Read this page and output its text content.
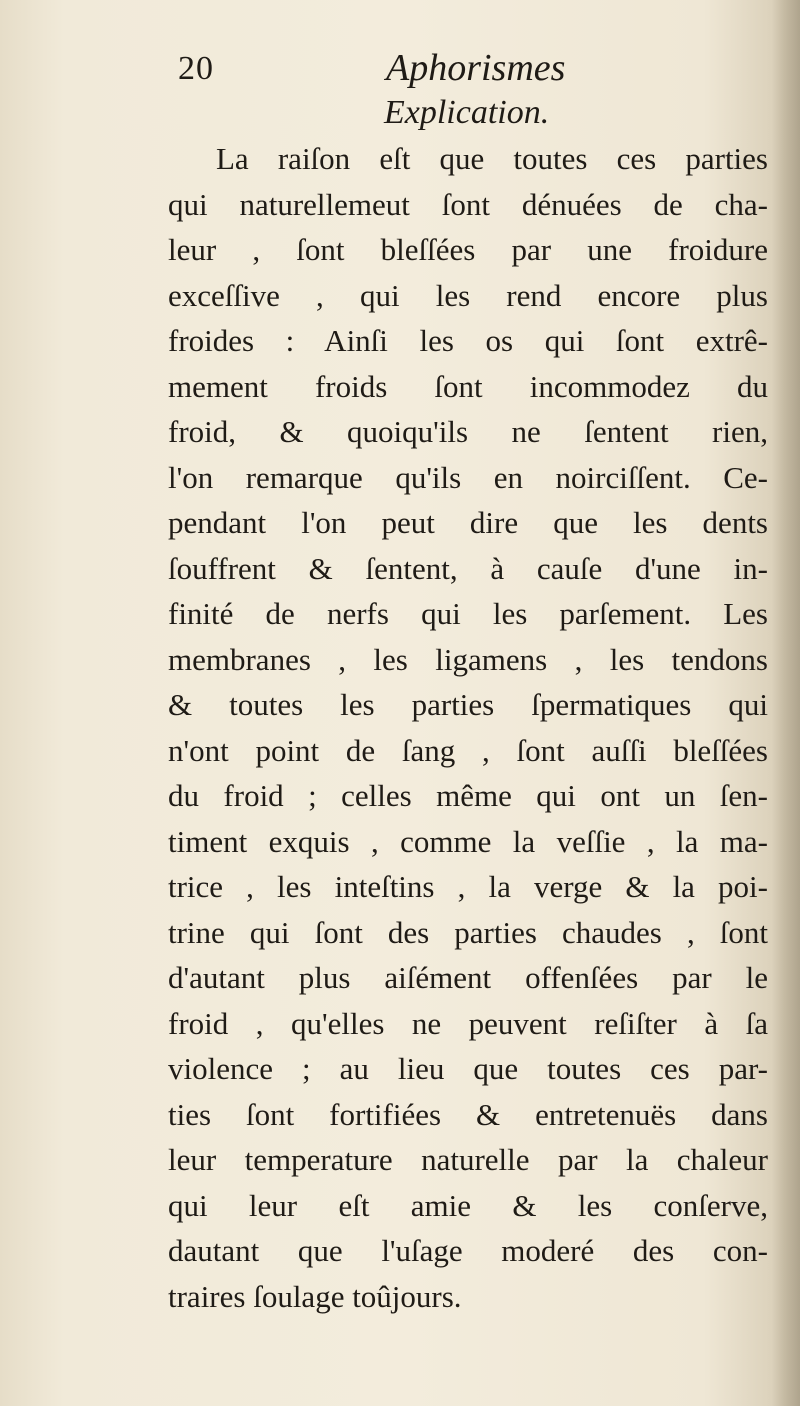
20	Aphorismes
Explication.
La raiſon eſt que toutes ces parties
qui naturellemeut ſont dénuées de cha-
leur , ſont bleſſées par une froidure
exceſſive , qui les rend encore plus
froides : Ainſi les os qui ſont extrê-
mement froids ſont incommodez du
froid, & quoiqu'ils ne ſentent rien,
l'on remarque qu'ils en noirciſſent. Ce-
pendant l'on peut dire que les dents
ſouffrent & ſentent, à cauſe d'une in-
finité de nerfs qui les parſement. Les
membranes , les ligamens , les tendons
& toutes les parties ſpermatiques qui
n'ont point de ſang , ſont auſſi bleſſées
du froid ; celles même qui ont un ſen-
timent exquis , comme la veſſie , la ma-
trice , les inteſtins , la verge & la poi-
trine qui ſont des parties chaudes , ſont
d'autant plus aiſément offenſées par le
froid , qu'elles ne peuvent reſiſter à ſa
violence ; au lieu que toutes ces par-
ties ſont fortifiées & entretenuës dans
leur temperature naturelle par la chaleur
qui leur eſt amie & les conſerve,
dautant que l'uſage moderé des con-
traires ſoulage toûjours.
